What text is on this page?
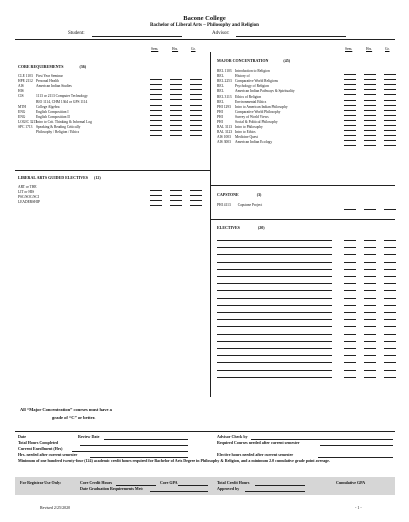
Bacone College
Bachelor of Liberal Arts – Philosophy and Religion
Student:	Advisor:
Sem.	Hrs.	Gr.	Sem.	Hrs.	Gr.
CORE REQUIREMENTS	(36)
CLE 1103 First Year Seminar
HPE 2112 Personal Health
AIS	American Indian Studies
HIS
CIS	1113 or 2113 Computer Technology
BIO 1114, CHM 1364 or GPS 1114
MTH	College Algebra
ENG	English Composition I
ENG	English Composition II
LOGIC 3213Intro to Crit. Thinking & Informal Log
SPC 1713 Speaking & Reading Critically
Philosophy / Religion / Ethics
MAJOR CONCENTRATION	(45)
REL 1103 Introduction to Religion
REL	History of
REL 2253 Comparative World Religions
REL	Psychology of Religion
REL	American Indian Pathways & Spirituality
REL 3113 Ethics of Religion
REL	Environmental Ethics
PHI 1293 Intro to American Indian Philosophy
PHI	Comparative World Philosophy
PHI	Survey of World Views
PHI	Social & Political Philosophy
BAL 3113 Intro to Philosophy
BAL 3123 Intro to Ethics
AIS 1003 Medicine Quest
AIS 3003 American Indian Ecology
LIBERAL ARTS GUIDED ELECTIVES (12)
ART or THE
LIT or HIS
PSC/SOC/SCI
LEADERSHIP
CAPSTONE	(3)
PHI 4113 Capstone Project
ELECTIVES	(20)
All “Major Concentration” courses must have a
grade of “C” or better.
Date	Review Date	Advisor Check by
Total Hours Completed	Required Courses needed after current semester
Current Enrollment (Hrs)
Hrs. needed after current semester	Elective hours needed after current semester
Minimum of one hundred twenty-four (124) academic credit hours required for Bachelor of Arts Degree in Philosophy & Religion, and a minimum 2.0 cumulative grade point average.
For Registrar Use Only:	Core Credit Hours	Core GPA	Total Credit Hours	Cumulative GPA
Date Graduation Requirements Met:	Approved by
Revised 2/25/2020	- 1 -
